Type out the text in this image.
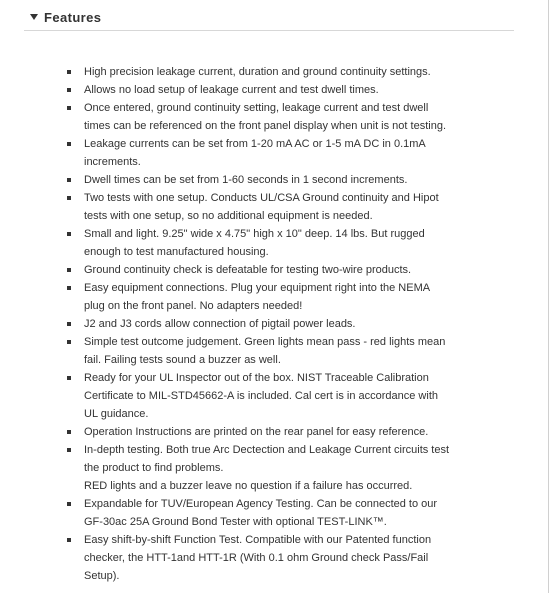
Features
High precision leakage current, duration and ground continuity settings.
Allows no load setup of leakage current and test dwell times.
Once entered, ground continuity setting, leakage current and test dwell
times can be referenced on the front panel display when unit is not testing.
Leakage currents can be set from 1-20 mA AC or 1-5 mA DC in 0.1mA
increments.
Dwell times can be set from 1-60 seconds in 1 second increments.
Two tests with one setup. Conducts UL/CSA Ground continuity and Hipot
tests with one setup, so no additional equipment is needed.
Small and light. 9.25" wide x 4.75" high x 10" deep. 14 lbs. But rugged
enough to test manufactured housing.
Ground continuity check is defeatable for testing two-wire products.
Easy equipment connections. Plug your equipment right into the NEMA
plug on the front panel. No adapters needed!
J2 and J3 cords allow connection of pigtail power leads.
Simple test outcome judgement. Green lights mean pass - red lights mean
fail. Failing tests sound a buzzer as well.
Ready for your UL Inspector out of the box. NIST Traceable Calibration
Certificate to MIL-STD45662-A is included. Cal cert is in accordance with
UL guidance.
Operation Instructions are printed on the rear panel for easy reference.
In-depth testing. Both true Arc Dectection and Leakage Current circuits test
the product to find problems.
RED lights and a buzzer leave no question if a failure has occurred.
Expandable for TUV/European Agency Testing. Can be connected to our
GF-30ac 25A Ground Bond Tester with optional TEST-LINK™.
Easy shift-by-shift Function Test. Compatible with our Patented function
checker, the HTT-1and HTT-1R (With 0.1 ohm Ground check Pass/Fail
Setup).
